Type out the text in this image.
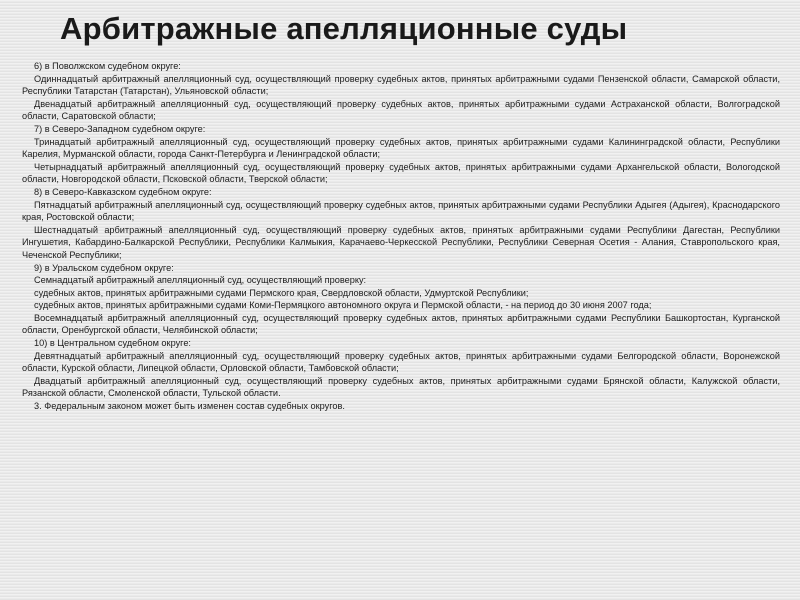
Арбитражные апелляционные суды

6) в Поволжском судебном округе:

Одиннадцатый арбитражный апелляционный суд, осуществляющий проверку судебных актов, принятых арбитражными судами Пензенской области, Самарской области, Республики Татарстан (Татарстан), Ульяновской области;

Двенадцатый арбитражный апелляционный суд, осуществляющий проверку судебных актов, принятых арбитражными судами Астраханской области, Волгоградской области, Саратовской области;

7) в Северо-Западном судебном округе:

Тринадцатый арбитражный апелляционный суд, осуществляющий проверку судебных актов, принятых арбитражными судами Калининградской области, Республики Карелия, Мурманской области, города Санкт-Петербурга и Ленинградской области;

Четырнадцатый арбитражный апелляционный суд, осуществляющий проверку судебных актов, принятых арбитражными судами Архангельской области, Вологодской области, Новгородской области, Псковской области, Тверской области;

8) в Северо-Кавказском судебном округе:

Пятнадцатый арбитражный апелляционный суд, осуществляющий проверку судебных актов, принятых арбитражными судами Республики Адыгея (Адыгея), Краснодарского края, Ростовской области;

Шестнадцатый арбитражный апелляционный суд, осуществляющий проверку судебных актов, принятых арбитражными судами Республики Дагестан, Республики Ингушетия, Кабардино-Балкарской Республики, Республики Калмыкия, Карачаево-Черкесской Республики, Республики Северная Осетия - Алания, Ставропольского края, Чеченской Республики;

9) в Уральском судебном округе:

Семнадцатый арбитражный апелляционный суд, осуществляющий проверку:

судебных актов, принятых арбитражными судами Пермского края, Свердловской области, Удмуртской Республики;

судебных актов, принятых арбитражными судами Коми-Пермяцкого автономного округа и Пермской области, - на период до 30 июня 2007 года;

Восемнадцатый арбитражный апелляционный суд, осуществляющий проверку судебных актов, принятых арбитражными судами Республики Башкортостан, Курганской области, Оренбургской области, Челябинской области;

10) в Центральном судебном округе:

Девятнадцатый арбитражный апелляционный суд, осуществляющий проверку судебных актов, принятых арбитражными судами Белгородской области, Воронежской области, Курской области, Липецкой области, Орловской области, Тамбовской области;

Двадцатый арбитражный апелляционный суд, осуществляющий проверку судебных актов, принятых арбитражными судами Брянской области, Калужской области, Рязанской области, Смоленской области, Тульской области.

3. Федеральным законом может быть изменен состав судебных округов.
